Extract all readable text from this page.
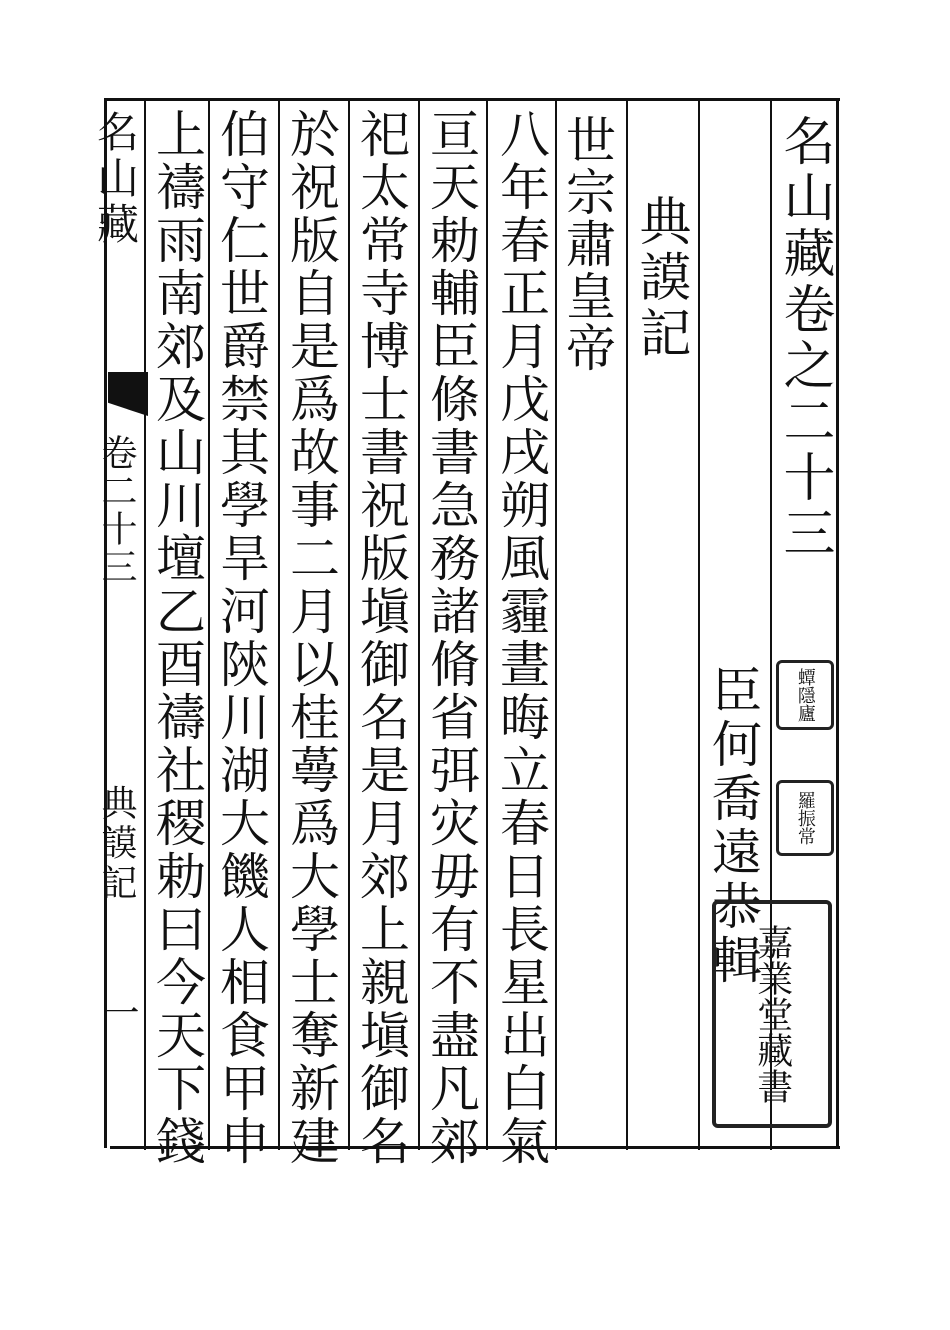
名山藏卷之二十三
臣何喬遠恭輯 蟫隱廬
羅振常
嘉業堂藏書
典謨記
世宗肅皇帝
八年春正月戊戌朔風霾晝晦立春日長星出白氣
亘天勅輔臣條書急務諸脩省弭灾毋有不盡凡郊
祀太常寺博士書祝版塡御名是月郊上親塡御名
於祝版自是爲故事二月以桂蕚爲大學士奪新建
伯守仁世爵禁其學旱河陝川湖大饑人相食甲申
上禱雨南郊及山川壇乙酉禱社稷勅曰今天下錢
名山藏
卷二十三
典謨記
一
